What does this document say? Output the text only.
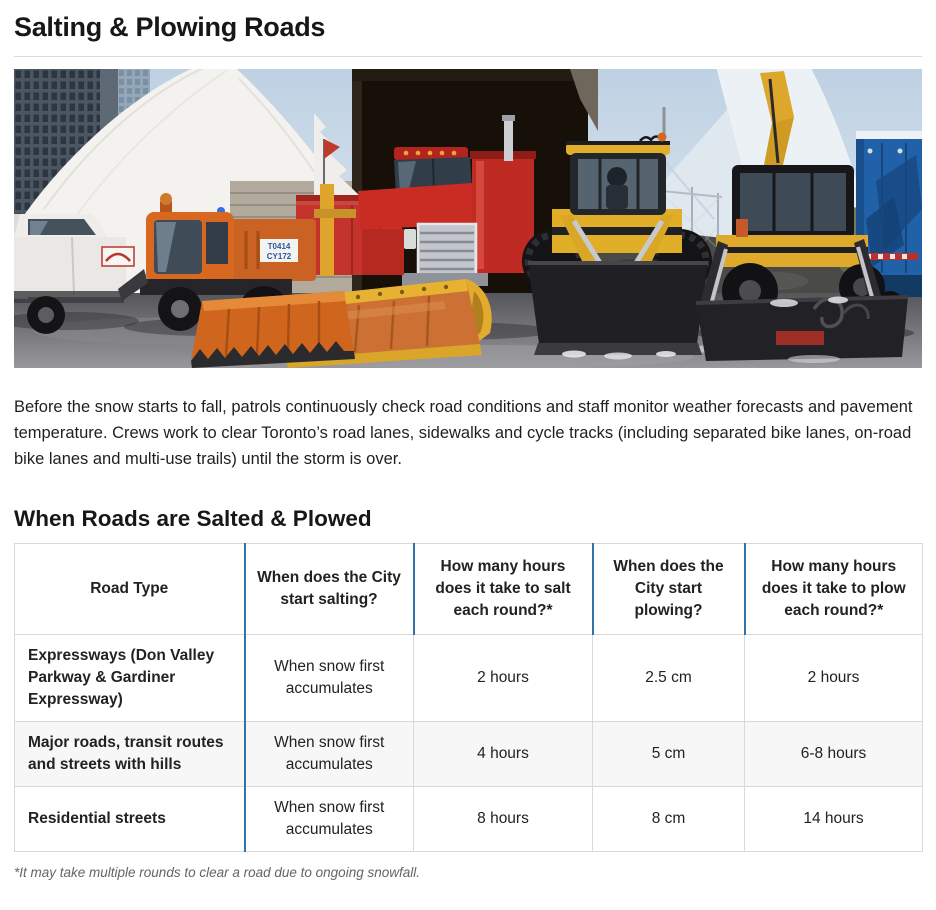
Salting & Plowing Roads
T0414
CY172

Before the snow starts to fall, patrols continuously check road conditions and staff monitor weather forecasts and pavement temperature. Crews work to clear Toronto’s road lanes, sidewalks and cycle tracks (including separated bike lanes, on-road bike lanes and multi-use trails) until the storm is over.

When Roads are Salted & Plowed
Road Type	When does the City start salting?	How many hours does it take to salt each round?*	When does the City start plowing?	How many hours does it take to plow each round?*
Expressways (Don Valley Parkway & Gardiner Expressway)	When snow first accumulates	2 hours	2.5 cm	2 hours
Major roads, transit routes and streets with hills	When snow first accumulates	4 hours	5 cm	6-8 hours
Residential streets	When snow first accumulates	8 hours	8 cm	14 hours

*It may take multiple rounds to clear a road due to ongoing snowfall.
